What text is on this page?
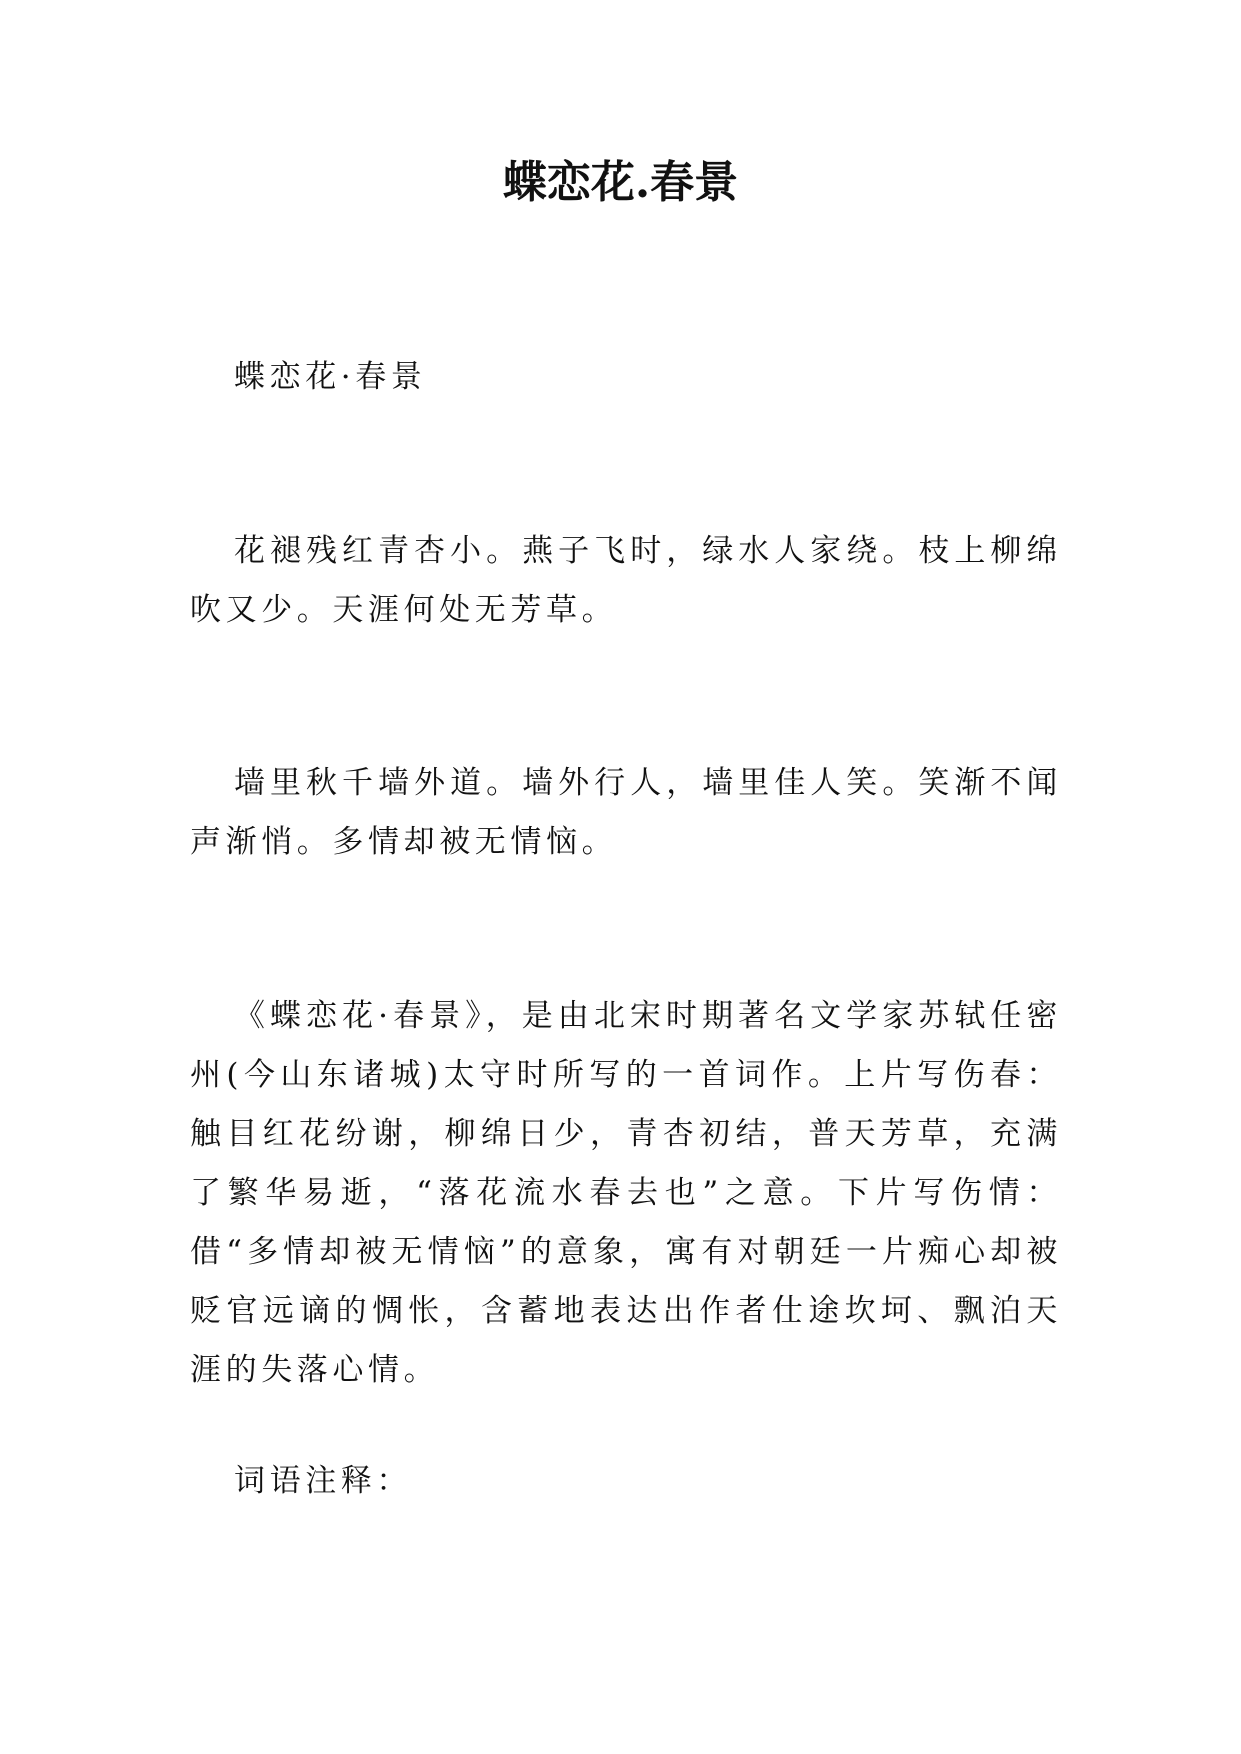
蝶恋花.春景

蝶恋花·春景

花褪残红青杏小。燕子飞时，绿水人家绕。枝上柳绵吹又少。天涯何处无芳草。

墙里秋千墙外道。墙外行人，墙里佳人笑。笑渐不闻声渐悄。多情却被无情恼。

《蝶恋花·春景》，是由北宋时期著名文学家苏轼任密州(今山东诸城)太守时所写的一首词作。上片写伤春：触目红花纷谢，柳绵日少，青杏初结，普天芳草，充满了繁华易逝，“落花流水春去也”之意。下片写伤情：借“多情却被无情恼”的意象，寓有对朝廷一片痴心却被贬官远谪的惆怅，含蓄地表达出作者仕途坎坷、飘泊天涯的失落心情。

词语注释：
